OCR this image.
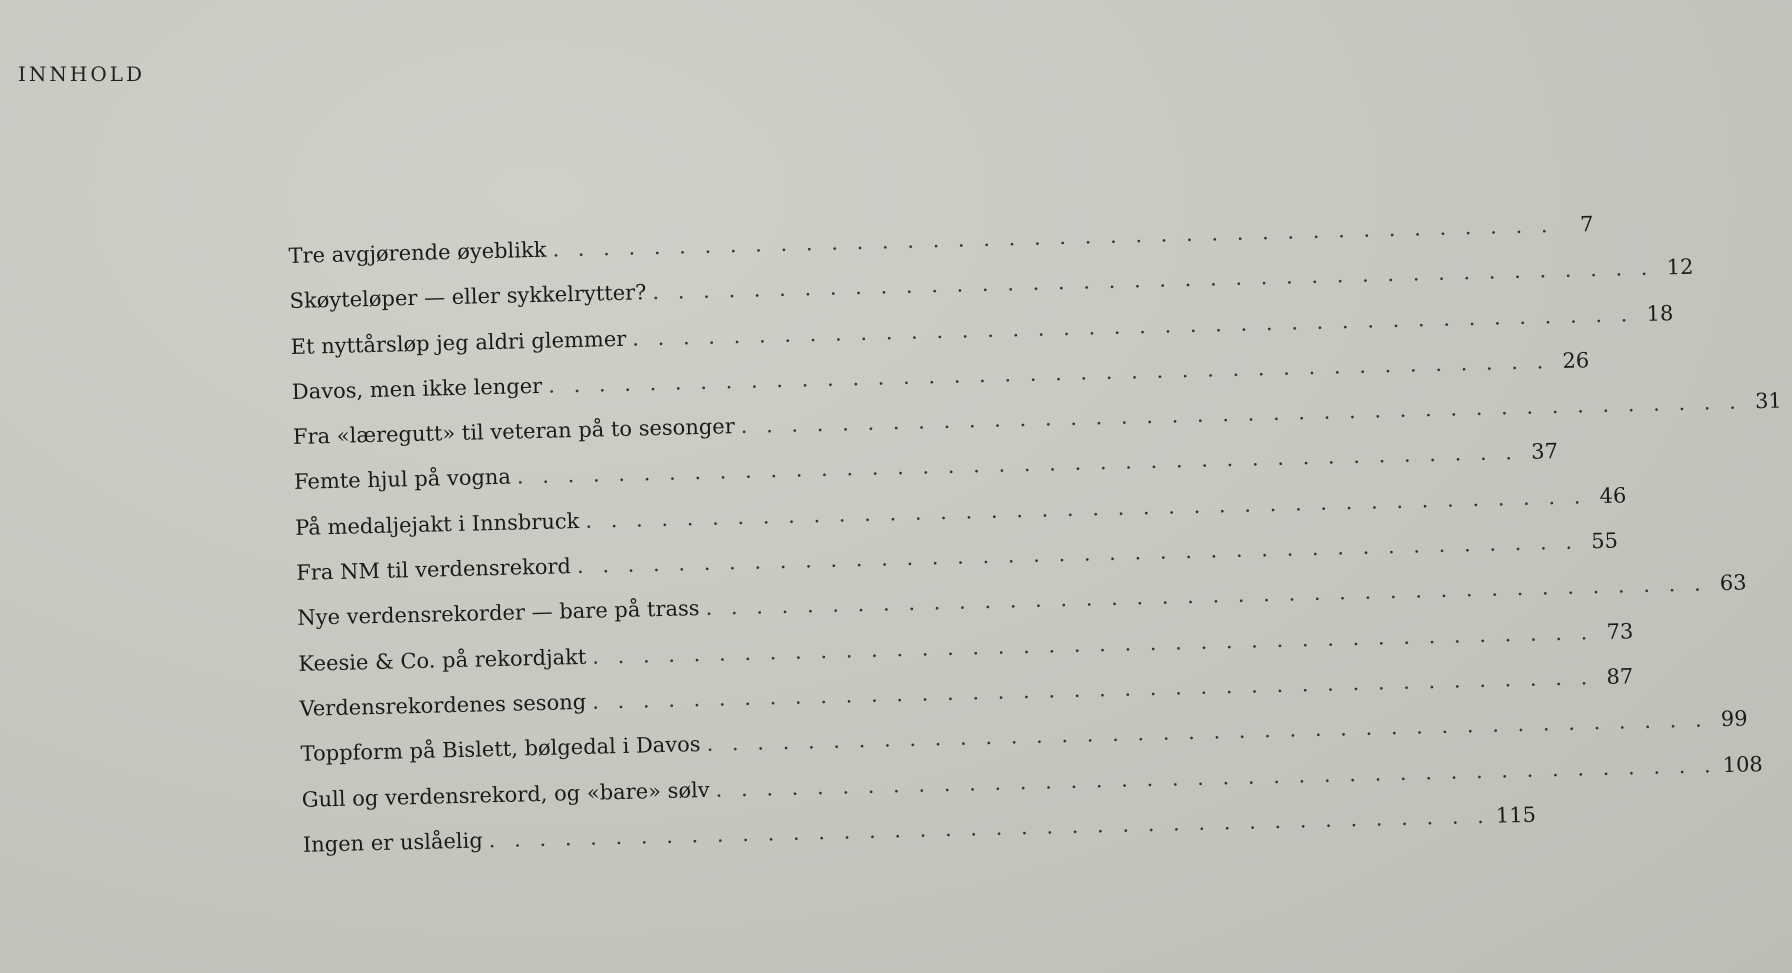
INNHOLD
Tre avgjørende øyeblikk
. . .
7
Skøyteløper — eller sykkelrytter?
. . .
12
Et nyttårsløp jeg aldri glemmer
. . .
18
Davos, men ikke lenger
. . .
26
Fra «læregutt» til veteran på to sesonger
. . .
31
Femte hjul på vogna
. . .
37
På medaljejakt i Innsbruck
. . .
46
Fra NM til verdensrekord
. . .
55
Nye verdensrekorder — bare på trass
. . .
63
Keesie & Co. på rekordjakt
. . .
73
Verdensrekordenes sesong
. . .
87
Toppform på Bislett, bølgedal i Davos
. . .
99
Gull og verdensrekord, og «bare» sølv
. . .
108
Ingen er uslåelig
. . .
115
